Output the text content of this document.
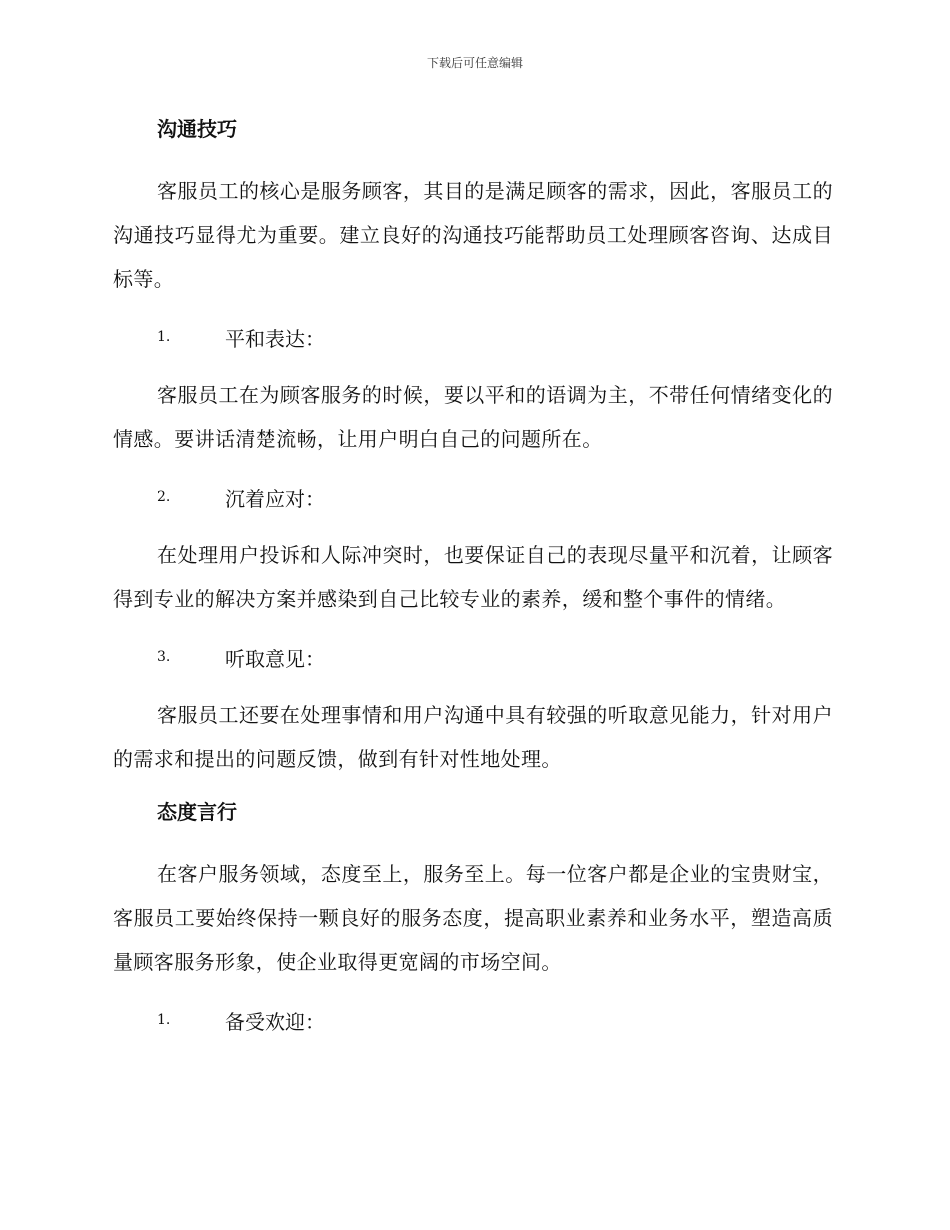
下载后可任意编辑
沟通技巧

客服员工的核心是服务顾客，其目的是满足顾客的需求，因此，客服员工的沟通技巧显得尤为重要。建立良好的沟通技巧能帮助员工处理顾客咨询、达成目标等。

1.	平和表达：

客服员工在为顾客服务的时候，要以平和的语调为主，不带任何情绪变化的情感。要讲话清楚流畅，让用户明白自己的问题所在。

2.	沉着应对：

在处理用户投诉和人际冲突时，也要保证自己的表现尽量平和沉着，让顾客得到专业的解决方案并感染到自己比较专业的素养，缓和整个事件的情绪。

3.	听取意见：

客服员工还要在处理事情和用户沟通中具有较强的听取意见能力，针对用户的需求和提出的问题反馈，做到有针对性地处理。

态度言行

在客户服务领域，态度至上，服务至上。每一位客户都是企业的宝贵财宝，客服员工要始终保持一颗良好的服务态度，提高职业素养和业务水平，塑造高质量顾客服务形象，使企业取得更宽阔的市场空间。

1.	备受欢迎：
